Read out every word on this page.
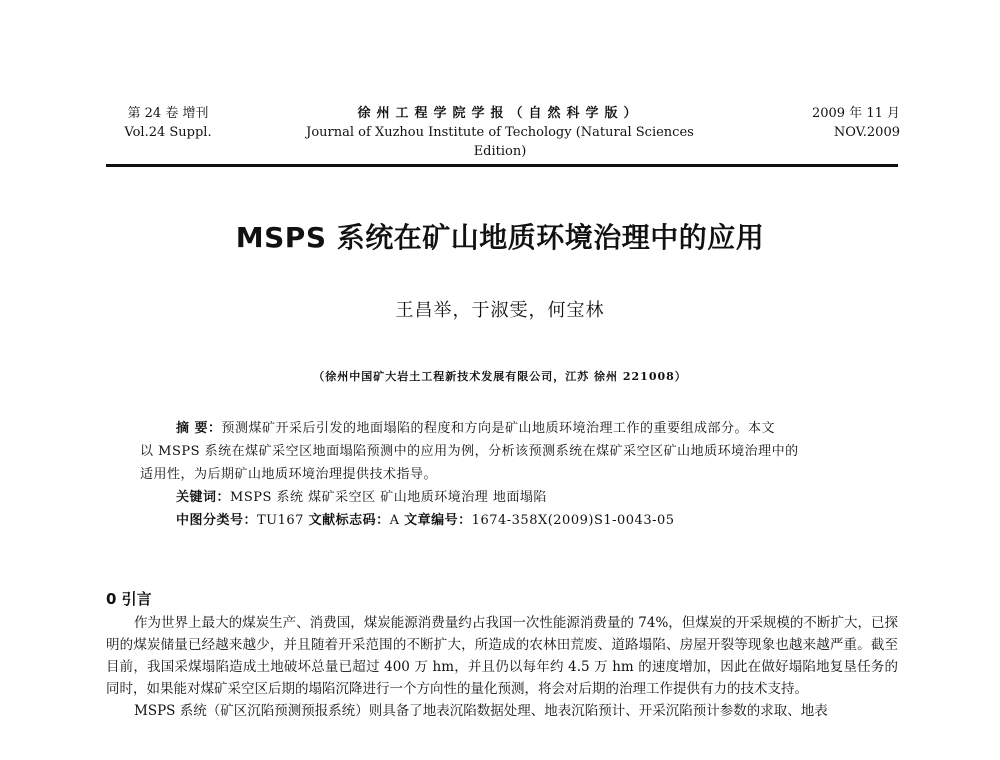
第 24 卷 增刊
Vol.24 Suppl.
徐州工程学院学报（自然科学版）
Journal of Xuzhou Institute of Techology (Natural Sciences Edition)
2009 年 11 月
NOV.2009
MSPS 系统在矿山地质环境治理中的应用
王昌举，于淑雯，何宝林
（徐州中国矿大岩土工程新技术发展有限公司，江苏 徐州 221008）

摘 要：预测煤矿开采后引发的地面塌陷的程度和方向是矿山地质环境治理工作的重要组成部分。本文

以 MSPS 系统在煤矿采空区地面塌陷预测中的应用为例，分析该预测系统在煤矿采空区矿山地质环境治理中的

适用性，为后期矿山地质环境治理提供技术指导。

关键词：MSPS 系统 煤矿采空区 矿山地质环境治理 地面塌陷

中图分类号：TU167 文献标志码：A 文章编号：1674-358X(2009)S1-0043-05

0 引言

作为世界上最大的煤炭生产、消费国，煤炭能源消费量约占我国一次性能源消费量的 74%，但煤炭的开采规模的不断扩大，已探明的煤炭储量已经越来越少，并且随着开采范围的不断扩大，所造成的农林田荒废、道路塌陷、房屋开裂等现象也越来越严重。截至目前，我国采煤塌陷造成土地破坏总量已超过 400 万 hm，并且仍以每年约 4.5 万 hm 的速度增加，因此在做好塌陷地复垦任务的同时，如果能对煤矿采空区后期的塌陷沉降进行一个方向性的量化预测，将会对后期的治理工作提供有力的技术支持。

MSPS 系统（矿区沉陷预测预报系统）则具备了地表沉陷数据处理、地表沉陷预计、开采沉陷预计参数的求取、地表
